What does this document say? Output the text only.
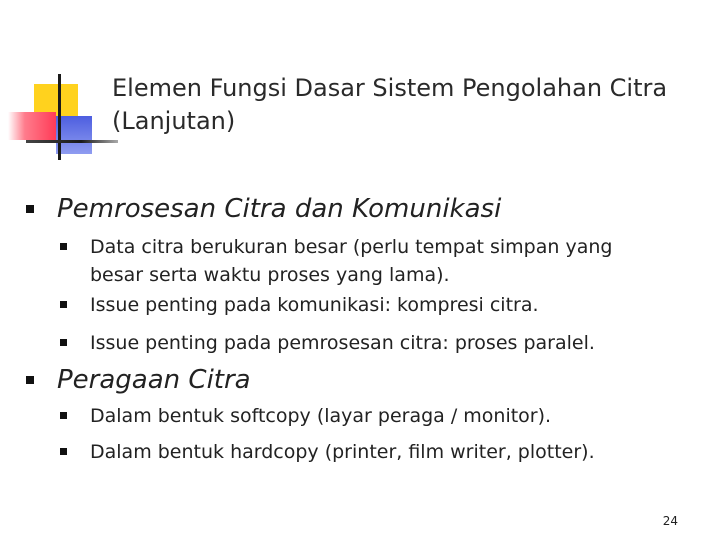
Elemen Fungsi Dasar Sistem Pengolahan Citra (Lanjutan)
Pemrosesan Citra dan Komunikasi
Data citra berukuran besar (perlu tempat simpan yang besar serta waktu proses yang lama).
Issue penting pada komunikasi: kompresi citra.
Issue penting pada pemrosesan citra: proses paralel.
Peragaan Citra
Dalam bentuk softcopy (layar peraga / monitor).
Dalam bentuk hardcopy (printer, film writer, plotter).
24
